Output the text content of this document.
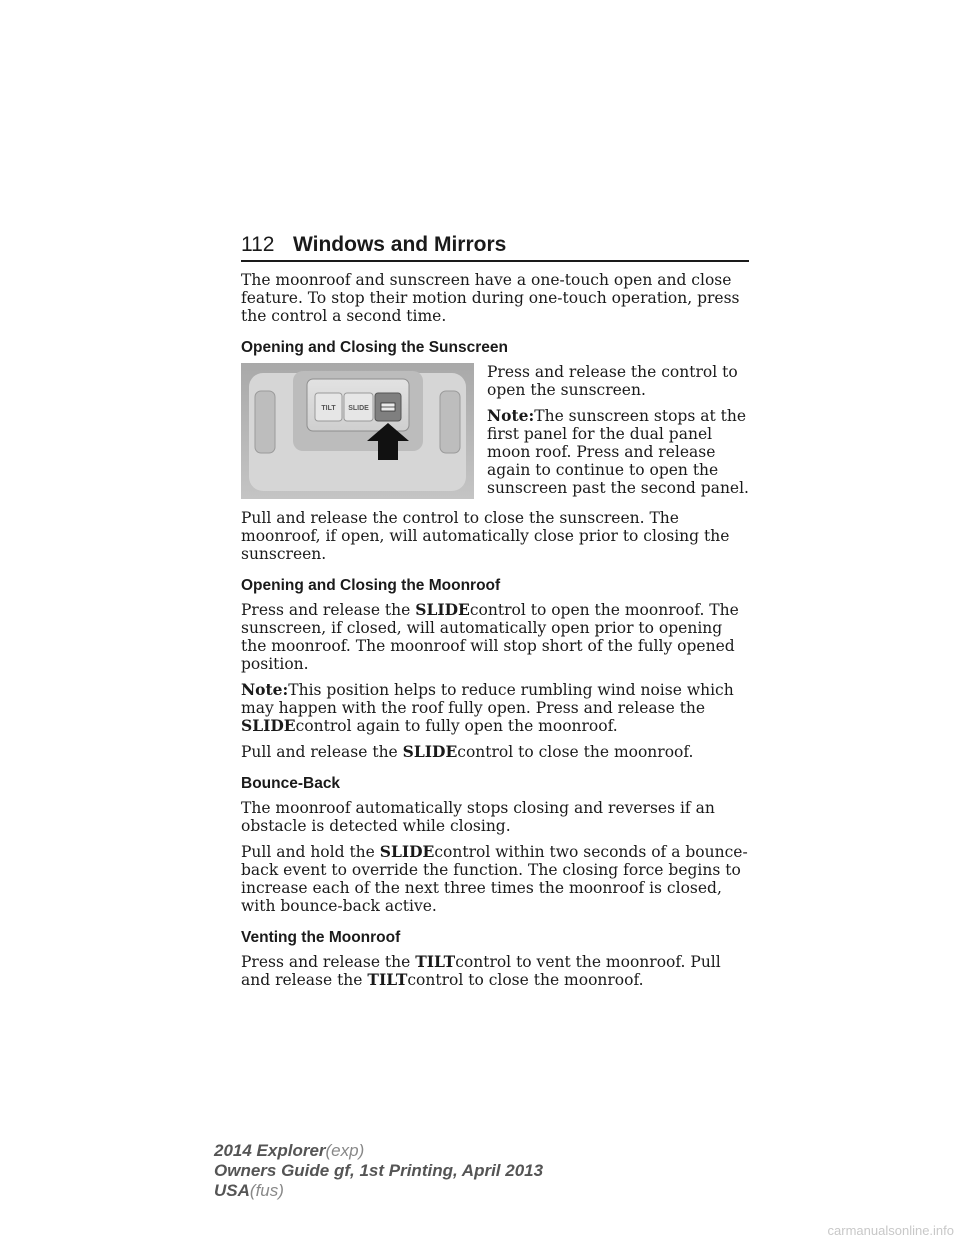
112 Windows and Mirrors

The moonroof and sunscreen have a one-touch open and close feature. To stop their motion during one-touch operation, press the control a second time.

Opening and Closing the Sunscreen
TILT SLIDE

Press and release the control to open the sunscreen.

Note:The sunscreen stops at the first panel for the dual panel moon roof. Press and release again to continue to open the sunscreen past the second panel.

Pull and release the control to close the sunscreen. The moonroof, if open, will automatically close prior to closing the sunscreen.

Opening and Closing the Moonroof

Press and release the SLIDEcontrol to open the moonroof. The sunscreen, if closed, will automatically open prior to opening the moonroof. The moonroof will stop short of the fully opened position.

Note:This position helps to reduce rumbling wind noise which may happen with the roof fully open. Press and release the SLIDEcontrol again to fully open the moonroof.

Pull and release the SLIDEcontrol to close the moonroof.

Bounce-Back

The moonroof automatically stops closing and reverses if an obstacle is detected while closing.

Pull and hold the SLIDEcontrol within two seconds of a bounce-back event to override the function. The closing force begins to increase each of the next three times the moonroof is closed, with bounce-back active.

Venting the Moonroof

Press and release the TILTcontrol to vent the moonroof. Pull and release the TILTcontrol to close the moonroof.

2014 Explorer(exp)
Owners Guide gf, 1st Printing, April 2013
USA(fus)
carmanualsonline.info
